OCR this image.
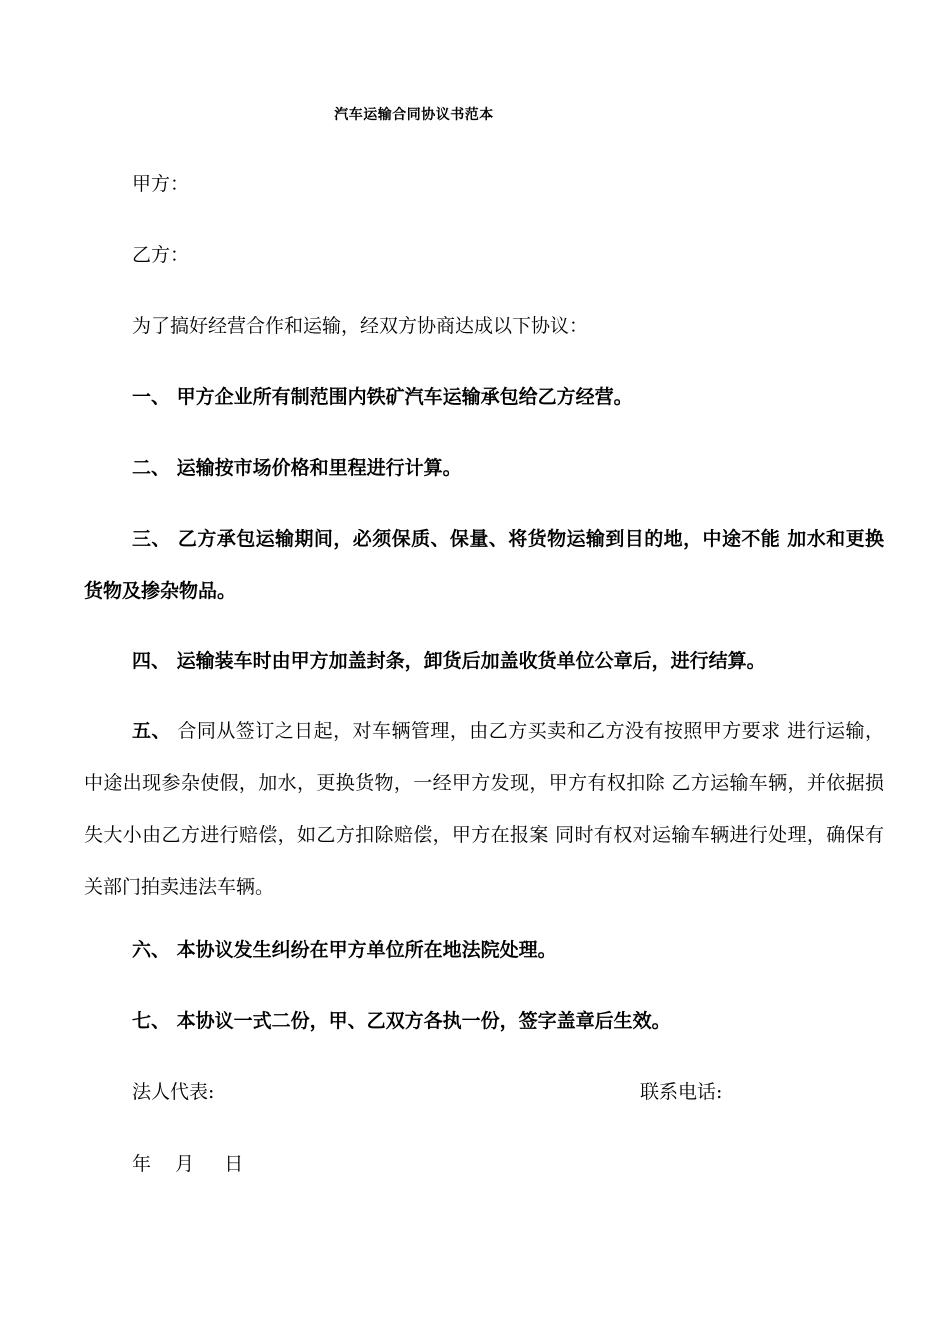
汽车运输合同协议书范本
甲方：
乙方：
为了搞好经营合作和运输，经双方协商达成以下协议：
一、 甲方企业所有制范围内铁矿汽车运输承包给乙方经营。
二、 运输按市场价格和里程进行计算。
三、 乙方承包运输期间，必须保质、保量、将货物运输到目的地，中途不能 加水和更换货物及掺杂物品。
四、 运输装车时由甲方加盖封条，卸货后加盖收货单位公章后，进行结算。
五、 合同从签订之日起，对车辆管理，由乙方买卖和乙方没有按照甲方要求 进行运输，中途出现参杂使假，加水，更换货物，一经甲方发现，甲方有权扣除 乙方运输车辆，并依据损失大小由乙方进行赔偿，如乙方扣除赔偿，甲方在报案 同时有权对运输车辆进行处理，确保有关部门拍卖违法车辆。
六、 本协议发生纠纷在甲方单位所在地法院处理。
七、 本协议一式二份，甲、乙双方各执一份，签字盖章后生效。
法人代表:	联系电话:
年 月 日
